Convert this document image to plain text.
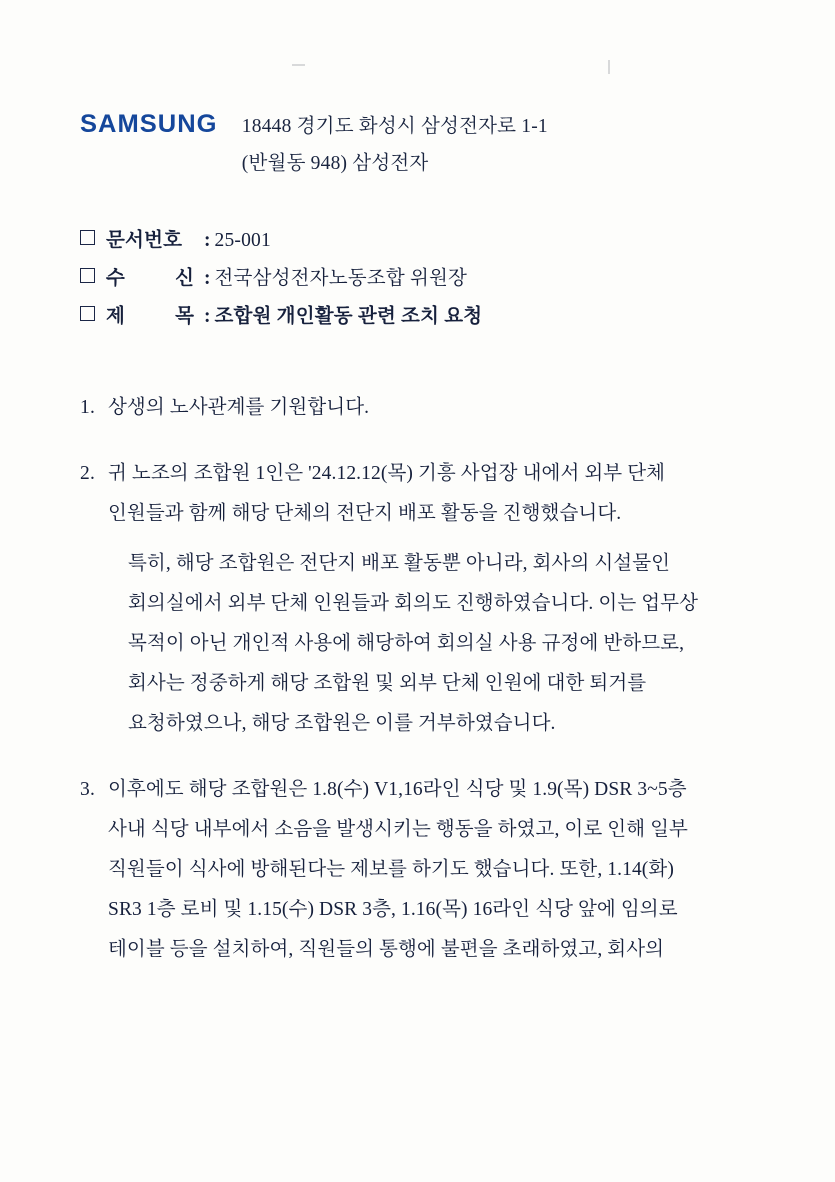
SAMSUNG 18448 경기도 화성시 삼성전자로 1-1
(반월동 948) 삼성전자
문서번호	: 25-001
수	신 : 전국삼성전자노동조합 위원장
제	목 : 조합원 개인활동 관련 조치 요청
1. 상생의 노사관계를 기원합니다.

2. 귀 노조의 조합원 1인은 '24.12.12(목) 기흥 사업장 내에서 외부 단체

인원들과 함께 해당 단체의 전단지 배포 활동을 진행했습니다.

특히, 해당 조합원은 전단지 배포 활동뿐 아니라, 회사의 시설물인

회의실에서 외부 단체 인원들과 회의도 진행하였습니다. 이는 업무상

목적이 아닌 개인적 사용에 해당하여 회의실 사용 규정에 반하므로,

회사는 정중하게 해당 조합원 및 외부 단체 인원에 대한 퇴거를

요청하였으나, 해당 조합원은 이를 거부하였습니다.

3. 이후에도 해당 조합원은 1.8(수) V1,16라인 식당 및 1.9(목) DSR 3~5층

사내 식당 내부에서 소음을 발생시키는 행동을 하였고, 이로 인해 일부

직원들이 식사에 방해된다는 제보를 하기도 했습니다. 또한, 1.14(화)

SR3 1층 로비 및 1.15(수) DSR 3층, 1.16(목) 16라인 식당 앞에 임의로

테이블 등을 설치하여, 직원들의 통행에 불편을 초래하였고, 회사의
